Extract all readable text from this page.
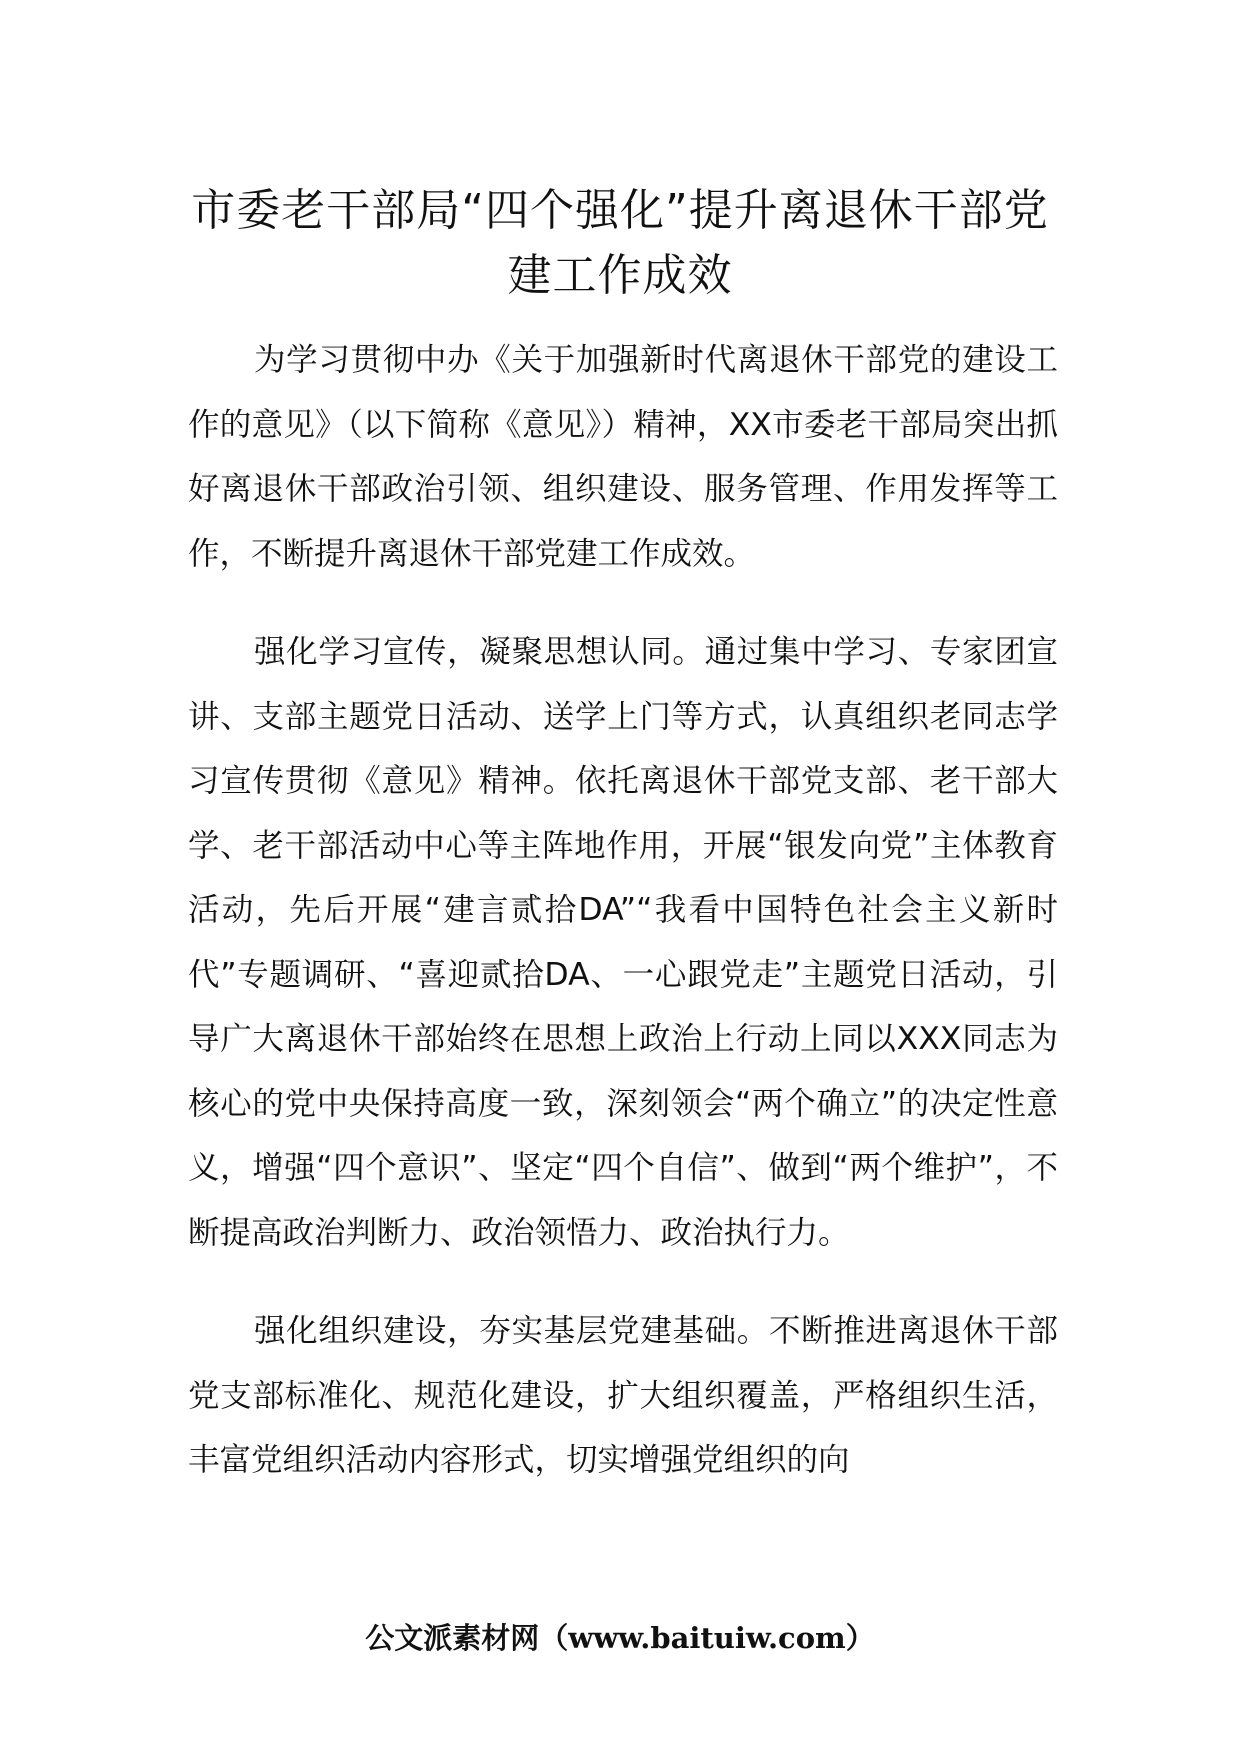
市委老干部局“四个强化”提升离退休干部党建工作成效

为学习贯彻中办《关于加强新时代离退休干部党的建设工作的意见》（以下简称《意见》）精神，XX市委老干部局突出抓好离退休干部政治引领、组织建设、服务管理、作用发挥等工作，不断提升离退休干部党建工作成效。

强化学习宣传，凝聚思想认同。通过集中学习、专家团宣讲、支部主题党日活动、送学上门等方式，认真组织老同志学习宣传贯彻《意见》精神。依托离退休干部党支部、老干部大学、老干部活动中心等主阵地作用，开展“银发向党”主体教育活动，先后开展“建言贰拾DA”“我看中国特色社会主义新时代”专题调研、“喜迎贰拾DA、一心跟党走”主题党日活动，引导广大离退休干部始终在思想上政治上行动上同以XXX同志为核心的党中央保持高度一致，深刻领会“两个确立”的决定性意义，增强“四个意识”、坚定“四个自信”、做到“两个维护”，不断提高政治判断力、政治领悟力、政治执行力。

强化组织建设，夯实基层党建基础。不断推进离退休干部党支部标准化、规范化建设，扩大组织覆盖，严格组织生活，丰富党组织活动内容形式，切实增强党组织的向

公文派素材网（www.baituiw.com）
